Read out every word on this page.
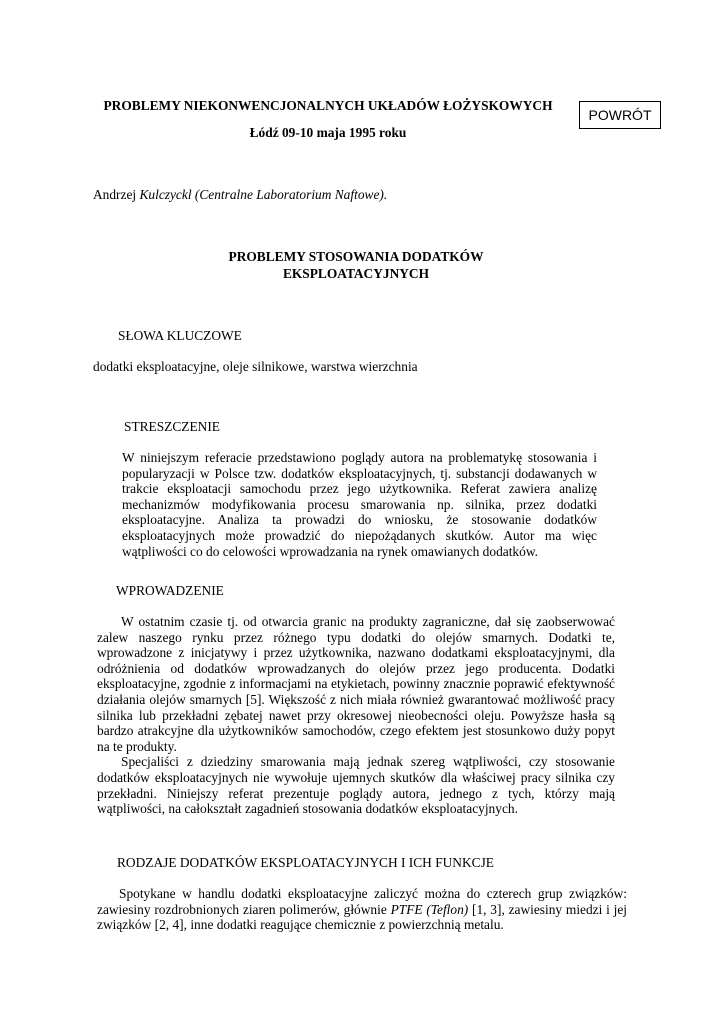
PROBLEMY NIEKONWENCJONALNYCH UKŁADÓW ŁOŻYSKOWYCH
Łódź 09-10 maja 1995 roku
POWRÓT
Andrzej Kulczyckl (Centralne Laboratorium Naftowe).
PROBLEMY STOSOWANIA DODATKÓW
EKSPLOATACYJNYCH
SŁOWA KLUCZOWE
dodatki eksploatacyjne, oleje silnikowe, warstwa wierzchnia
STRESZCZENIE
W niniejszym referacie przedstawiono poglądy autora na problematykę stosowania i popularyzacji w Polsce tzw. dodatków eksploatacyjnych, tj. substancji dodawanych w trakcie eksploatacji samochodu przez jego użytkownika. Referat zawiera analizę mechanizmów modyfikowania procesu smarowania np. silnika, przez dodatki eksploatacyjne. Analiza ta prowadzi do wniosku, że stosowanie dodatków eksploatacyjnych może prowadzić do niepożądanych skutków. Autor ma więc wątpliwości co do celowości wprowadzania na rynek omawianych dodatków.
WPROWADZENIE

W ostatnim czasie tj. od otwarcia granic na produkty zagraniczne, dał się zaobserwować zalew naszego rynku przez różnego typu dodatki do olejów smarnych. Dodatki te, wprowadzone z inicjatywy i przez użytkownika, nazwano dodatkami eksploatacyjnymi, dla odróżnienia od dodatków wprowadzanych do olejów przez jego producenta. Dodatki eksploatacyjne, zgodnie z informacjami na etykietach, powinny znacznie poprawić efektywność działania olejów smarnych [5]. Większość z nich miała również gwarantować możliwość pracy silnika lub przekładni zębatej nawet przy okresowej nieobecności oleju. Powyższe hasła są bardzo atrakcyjne dla użytkowników samochodów, czego efektem jest stosunkowo duży popyt na te produkty.

Specjaliści z dziedziny smarowania mają jednak szereg wątpliwości, czy stosowanie dodatków eksploatacyjnych nie wywołuje ujemnych skutków dla właściwej pracy silnika czy przekładni. Niniejszy referat prezentuje poglądy autora, jednego z tych, którzy mają wątpliwości, na całokształt zagadnień stosowania dodatków eksploatacyjnych.

RODZAJE DODATKÓW EKSPLOATACYJNYCH I ICH FUNKCJE

Spotykane w handlu dodatki eksploatacyjne zaliczyć można do czterech grup związków: zawiesiny rozdrobnionych ziaren polimerów, głównie PTFE (Teflon) [1, 3], zawiesiny miedzi i jej związków [2, 4], inne dodatki reagujące chemicznie z powierzchnią metalu.
